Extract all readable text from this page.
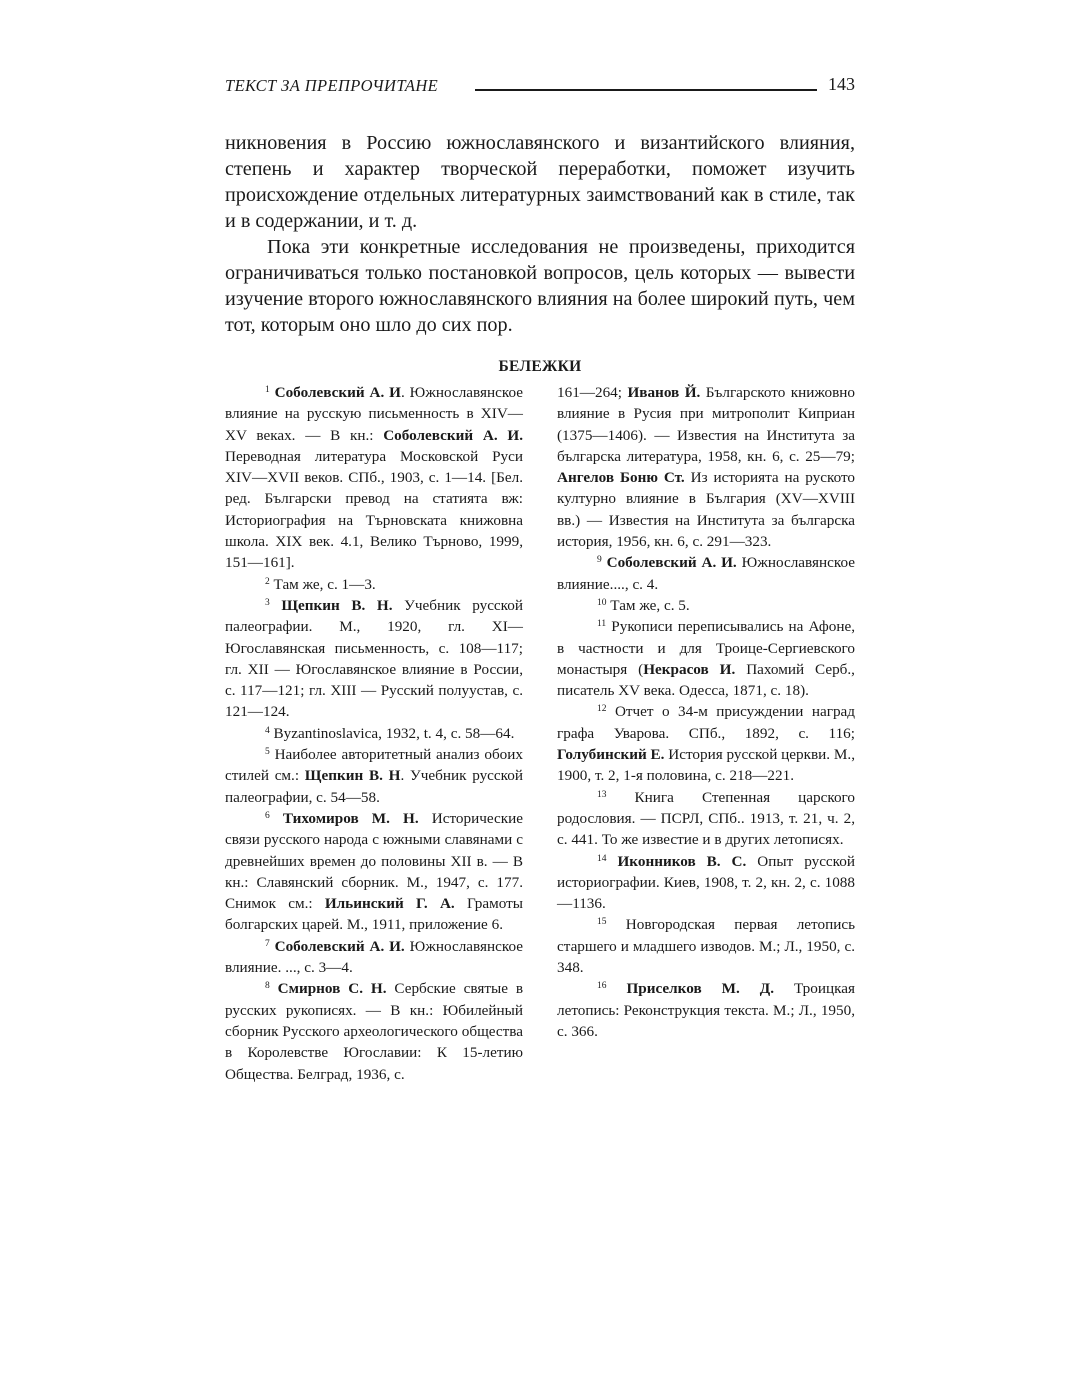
ТЕКСТ ЗА ПРЕПРОЧИТАНЕ	143

никновения в Россию южнославянского и византийского влияния, степень и характер творческой переработки, поможет изучить происхождение отдельных литературных заимствований как в стиле, так и в содержании, и т. д.

Пока эти конкретные исследования не произведены, приходится ограничиваться только постановкой вопросов, цель которых — вывести изучение второго южнославянского влияния на более широкий путь, чем тот, которым оно шло до сих пор.

БЕЛЕЖКИ

$^1$ Соболевский А. И. Южнославянское влияние на русскую письменность в XIV—XV веках. — В кн.: Соболевский А. И. Переводная литература Московской Руси XIV—XVII веков. СПб., 1903, с. 1—14. [Бел. ред. Български превод на статията вж: Историография на Търновската книжовна школа. XIX век. 4.1, Велико Търново, 1999, 151—161].

$^2$ Там же, с. 1—3.

$^3$ Щепкин В. Н. Учебник русской палеографии. М., 1920, гл. XI—Югославянская письменность, с. 108—117; гл. XII — Югославянское влияние в России, с. 117—121; гл. XIII — Русский полуустав, с. 121—124.

$^4$ Byzantinoslavica, 1932, t. 4, c. 58—64.

$^5$ Наиболее авторитетный анализ обоих стилей см.: Щепкин В. Н. Учебник русской палеографии, с. 54—58.

$^6$ Тихомиров М. Н. Исторические связи русского народа с южными славянами с древнейших времен до половины XII в. — В кн.: Славянский сборник. М., 1947, с. 177. Снимок см.: Ильинский Г. А. Грамоты болгарских царей. М., 1911, приложение 6.

$^7$ Соболевский А. И. Южнославянское влияние. ..., с. 3—4.

$^8$ Смирнов С. Н. Сербские святые в русских рукописях. — В кн.: Юбилейный сборник Русского археологического общества в Королевстве Югославии: К 15-летию Общества. Белград, 1936, с.

161—264; Иванов Й. Българското книжовно влияние в Русия при митрополит Киприан (1375—1406). — Известия на Института за българска литература, 1958, кн. 6, с. 25—79; Ангелов Боню Ст. Из историята на руското културно влияние в България (XV—XVIII вв.) — Известия на Института за българска история, 1956, кн. 6, с. 291—323.

$^9$ Соболевский А. И. Южнославянское влияние...., с. 4.

$^{10}$ Там же, с. 5.

$^{11}$ Рукописи переписывались на Афоне, в частности и для Троице-Сергиевского монастыря (Некрасов И. Пахомий Серб., писатель XV века. Одесса, 1871, с. 18).

$^{12}$ Отчет о 34-м присуждении наград графа Уварова. СПб., 1892, с. 116; Голубинский Е. История русской церкви. М., 1900, т. 2, 1-я половина, с. 218—221.

$^{13}$ Книга Степенная царского родословия. — ПСРЛ, СПб.. 1913, т. 21, ч. 2, с. 441. То же известие и в других летописях.

$^{14}$ Иконников В. С. Опыт русской историографии. Киев, 1908, т. 2, кн. 2, с. 1088—1136.

$^{15}$ Новгородская первая летопись старшего и младшего изводов. М.; Л., 1950, с. 348.

$^{16}$ Приселков М. Д. Троицкая летопись: Реконструкция текста. М.; Л., 1950, с. 366.
